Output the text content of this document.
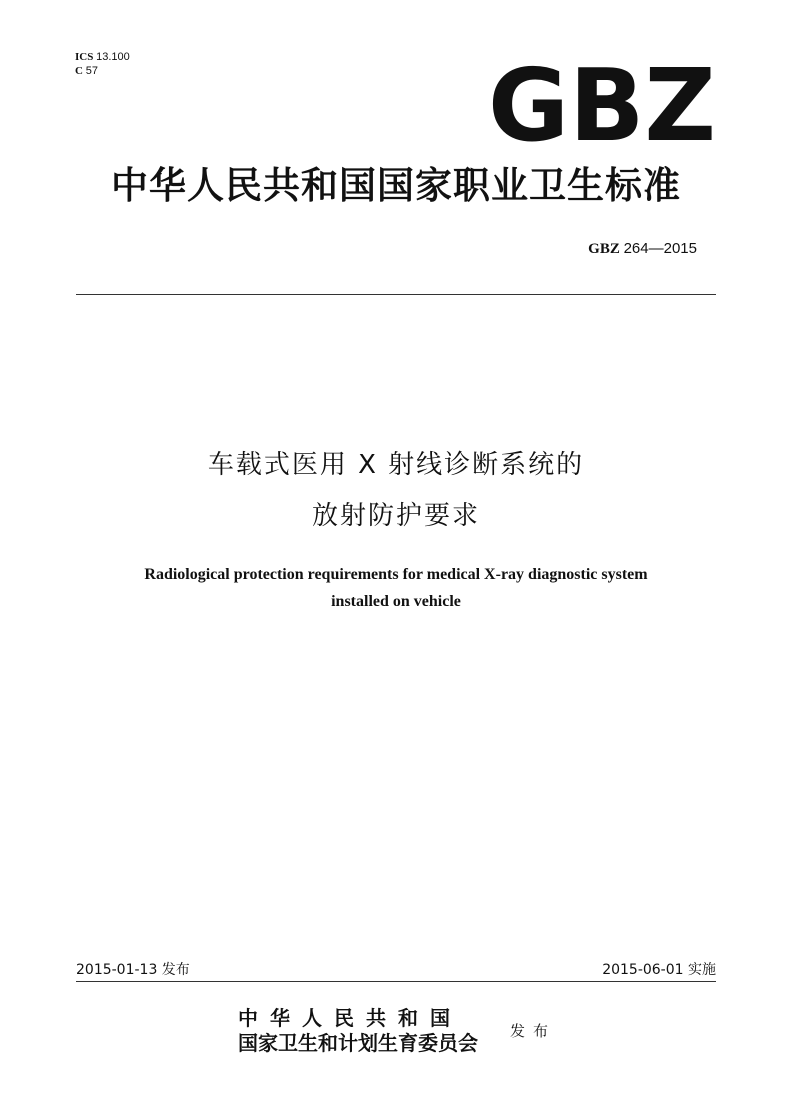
ICS 13.100
C 57	GBZ
中华人民共和国国家职业卫生标准
GBZ 264—2015
车载式医用 X 射线诊断系统的
放射防护要求
Radiological protection requirements for medical X-ray diagnostic system
installed on vehicle
2015-01-13 发布	2015-06-01 实施
中华人民共和国
国家卫生和计划生育委员会 发布
